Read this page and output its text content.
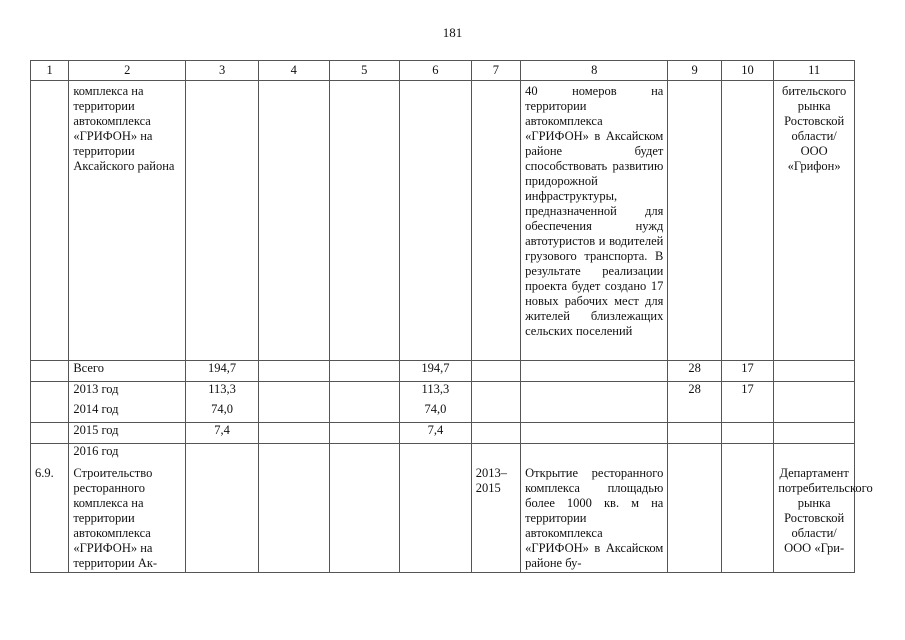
181
1	2	3	4	5	6	7	8	9	10	11
	комплекса на территории автокомплекса «ГРИФОН» на территории Аксайского района						40 номеров на территории автокомплекса «ГРИФОН» в Аксайском районе будет способствовать развитию придорожной инфраструктуры, предназначенной для обеспечения нужд автотуристов и водителей грузового транспорта. В результате реализации проекта будет создано 17 новых рабочих мест для жителей близлежащих сельских поселений			бительского рынка Ростовской области/ ООО «Грифон»
	Всего	194,7			194,7			28	17	
	2013 год	113,3			113,3			28	17	
	2014 год	74,0			74,0					
	2015 год	7,4			7,4					
	2016 год									
6.9.	Строительство ресторанного комплекса на территории автокомплекса «ГРИФОН» на территории Ак-					2013–2015	Открытие ресторанного комплекса площадью более 1000 кв. м на территории автокомплекса «ГРИФОН» в Аксайском районе бу-			Департамент потребительского рынка Ростовской области/ ООО «Гри-
